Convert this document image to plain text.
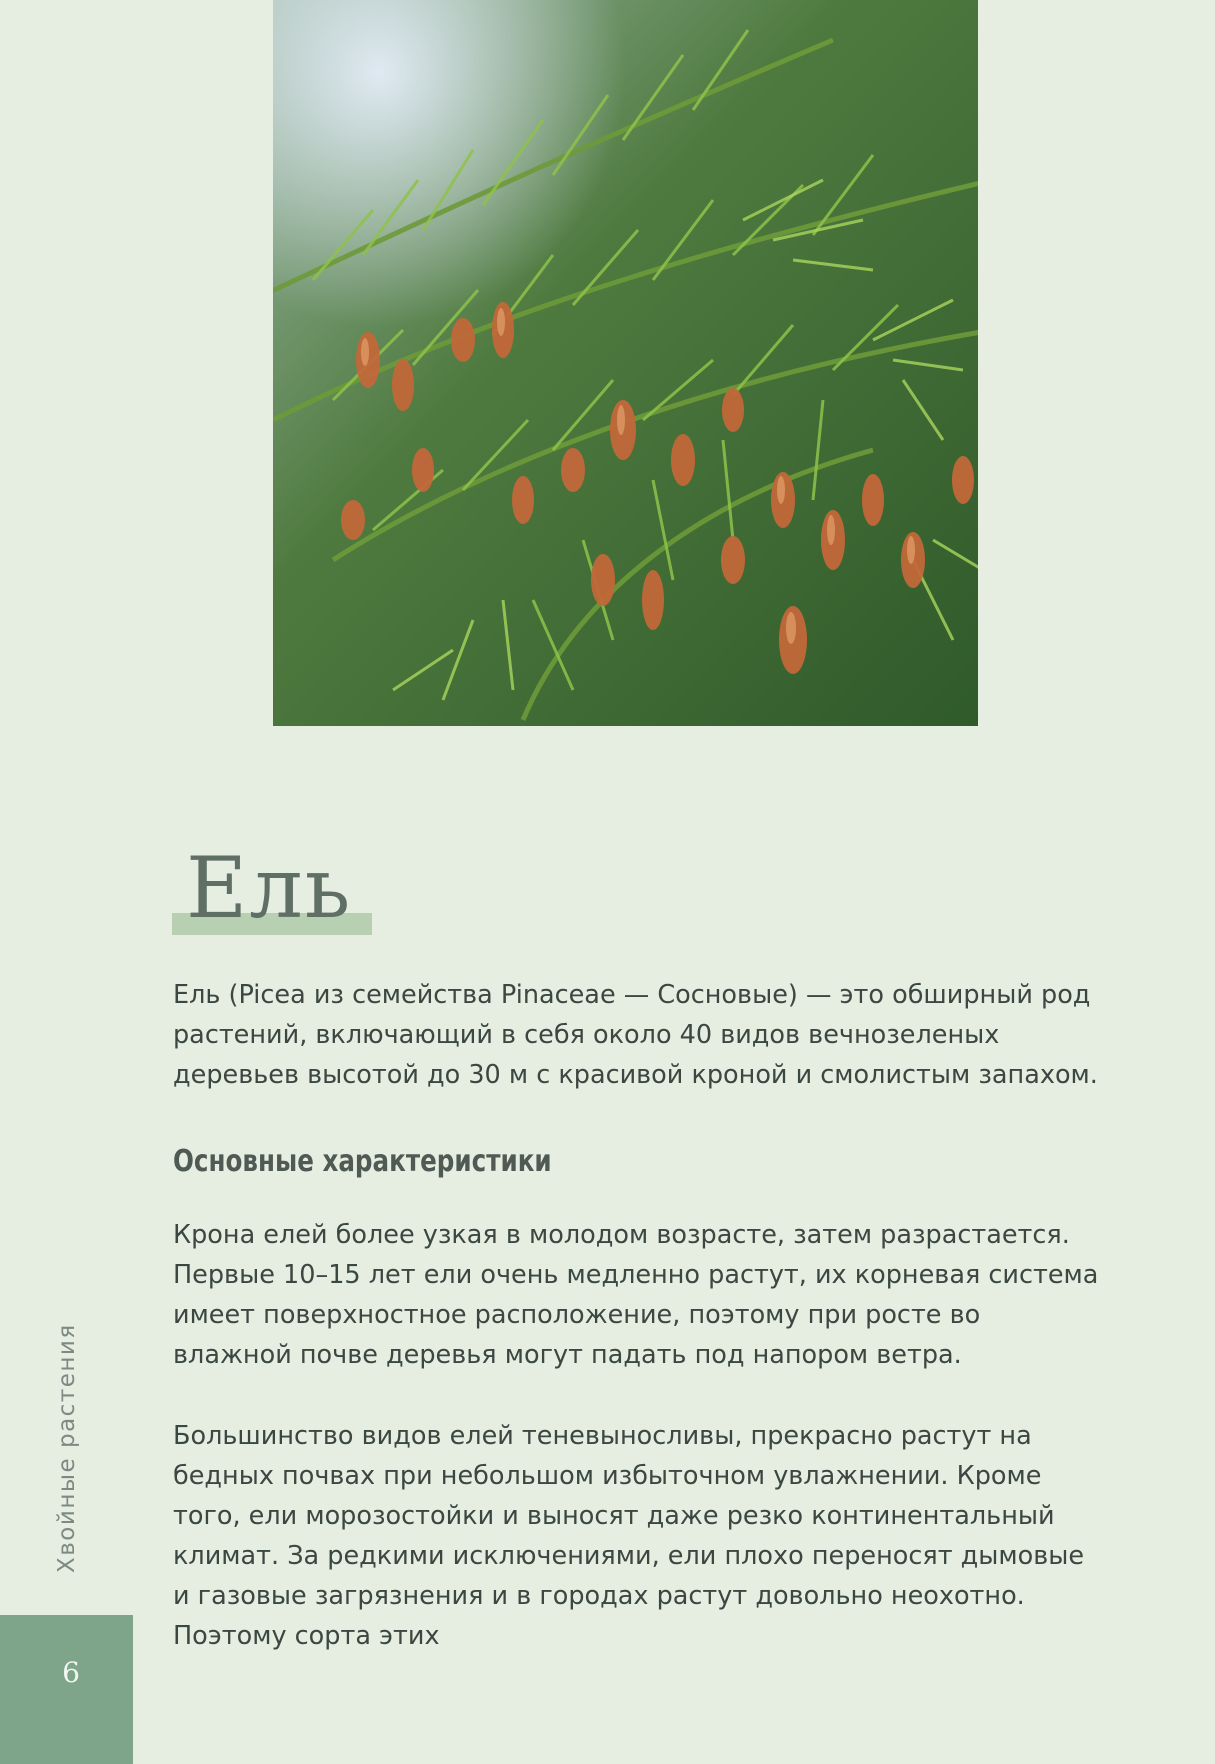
Ель

Ель (Picea из семейства Pinaceae — Сосновые) — это обширный род растений, включающий в себя около 40 видов вечнозеленых деревьев высотой до 30 м с красивой кроной и смолистым запахом.

Основные характеристики

Крона елей более узкая в молодом возрасте, затем разрастается. Первые 10–15 лет ели очень медленно растут, их корневая система имеет поверхностное расположение, поэтому при росте во влажной почве деревья могут падать под напором ветра.

Большинство видов елей теневыносливы, прекрасно растут на бедных почвах при небольшом избыточном увлажнении. Кроме того, ели морозостойки и выносят даже резко континентальный климат. За редкими исключениями, ели плохо переносят дымовые и газовые загрязнения и в городах растут довольно неохотно. Поэтому сорта этих

Хвойные растения
6
